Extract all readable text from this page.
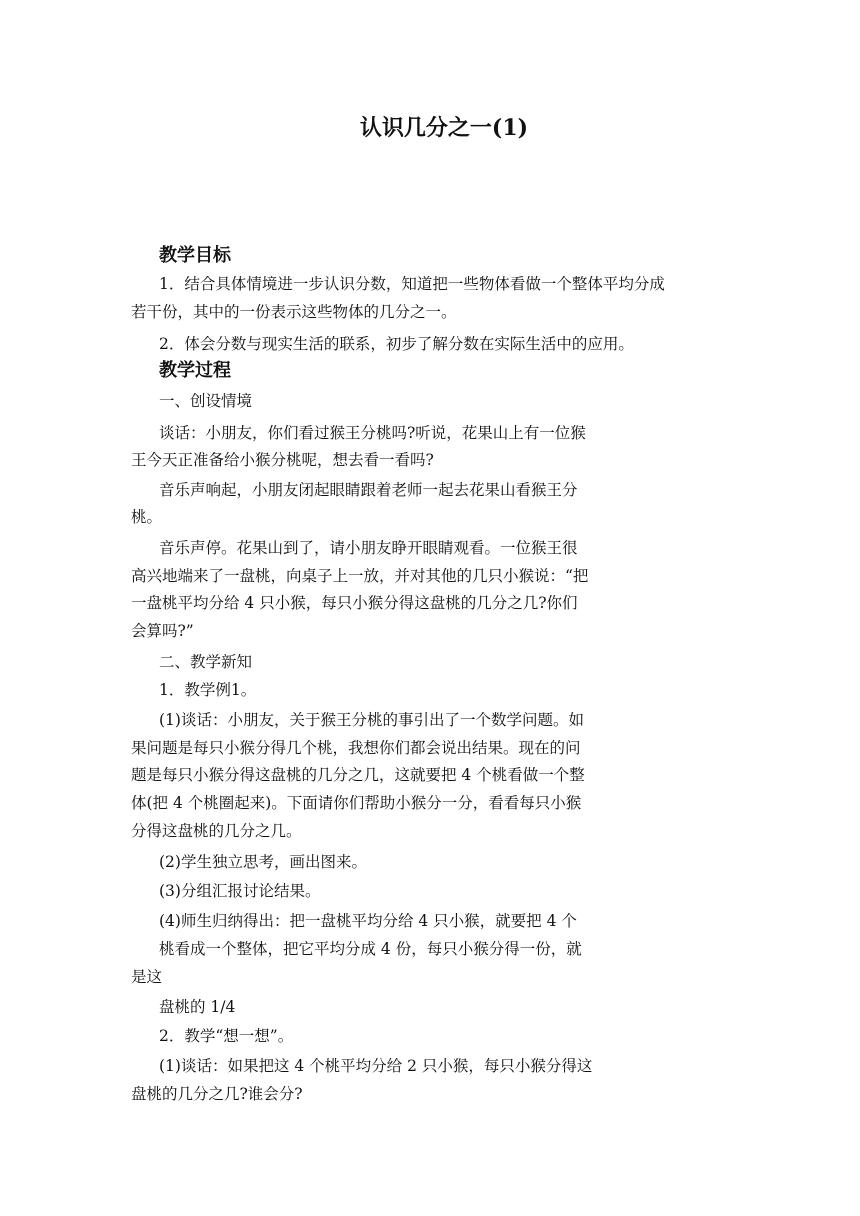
认识几分之一(1)
教学目标
1．结合具体情境进一步认识分数，知道把一些物体看做一个整体平均分成
若干份，其中的一份表示这些物体的几分之一。
2．体会分数与现实生活的联系，初步了解分数在实际生活中的应用。
教学过程
一、创设情境
谈话：小朋友，你们看过猴王分桃吗?听说，花果山上有一位猴
王今天正准备给小猴分桃呢，想去看一看吗?
音乐声响起，小朋友闭起眼睛跟着老师一起去花果山看猴王分
桃。
音乐声停。花果山到了，请小朋友睁开眼睛观看。一位猴王很
高兴地端来了一盘桃，向桌子上一放，并对其他的几只小猴说：“把
一盘桃平均分给 4 只小猴，每只小猴分得这盘桃的几分之几?你们
会算吗?”
二、教学新知
1．教学例1。
(1)谈话：小朋友，关于猴王分桃的事引出了一个数学问题。如
果问题是每只小猴分得几个桃，我想你们都会说出结果。现在的问
题是每只小猴分得这盘桃的几分之几，这就要把 4 个桃看做一个整
体(把 4 个桃圈起来)。下面请你们帮助小猴分一分，看看每只小猴
分得这盘桃的几分之几。
(2)学生独立思考，画出图来。
(3)分组汇报讨论结果。
(4)师生归纳得出：把一盘桃平均分给 4 只小猴，就要把 4 个
桃看成一个整体，把它平均分成 4 份，每只小猴分得一份，就
是这
盘桃的 1/4
2．教学“想一想”。
(1)谈话：如果把这 4 个桃平均分给 2 只小猴，每只小猴分得这
盘桃的几分之几?谁会分?
